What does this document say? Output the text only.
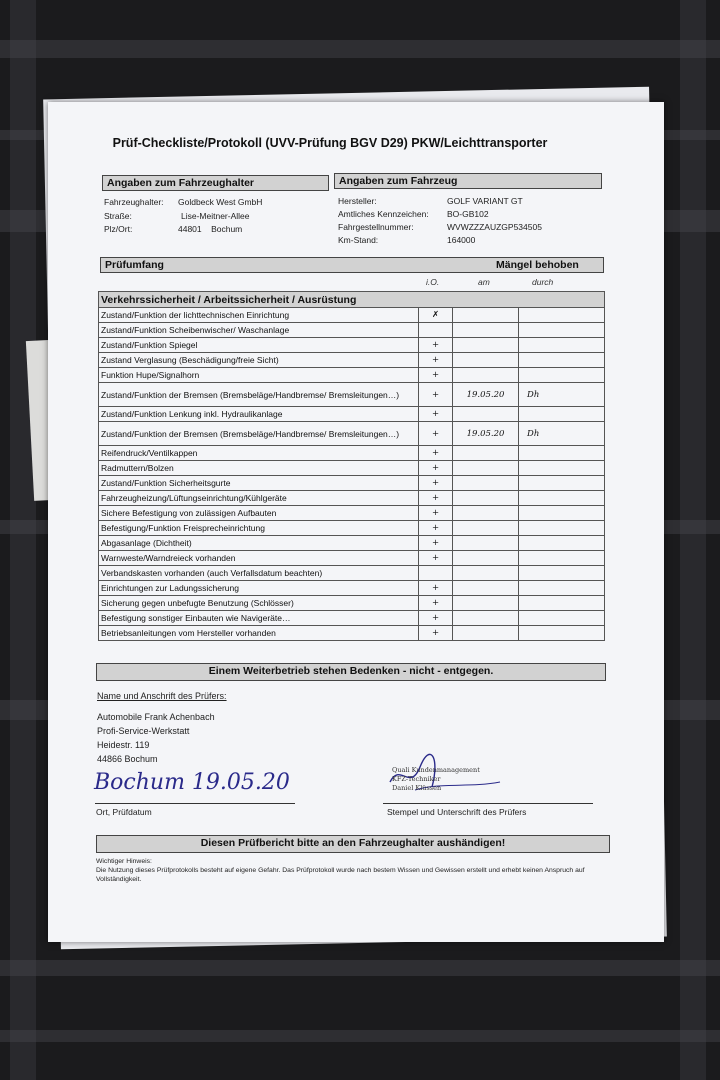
Prüf-Checkliste/Protokoll (UVV-Prüfung BGV D29) PKW/Leichttransporter
Angaben zum Fahrzeughalter	Angaben zum Fahrzeug
Fahrzeughalter: Goldbeck West GmbH
Straße:	Lise-Meitner-Allee
Plz/Ort:	44801    Bochum
Hersteller:	GOLF VARIANT GT
Amtliches Kennzeichen: BO-GB102
Fahrgestellnummer:	WVWZZZAUZGP534505
Km-Stand:	164000
Prüfumfang	Mängel behoben
i.O.	am	durch
Verkehrssicherheit / Arbeitssicherheit / Ausrüstung			
Zustand/Funktion der lichttechnischen Einrichtung	✗		
Zustand/Funktion Scheibenwischer/ Waschanlage			
Zustand/Funktion Spiegel	+		
Zustand Verglasung (Beschädigung/freie Sicht)	+		
Funktion Hupe/Signalhorn	+		
Zustand/Funktion der Bremsen (Bremsbeläge/Handbremse/ Bremsleitungen…)	+	19.05.20	Dh
Zustand/Funktion Lenkung inkl. Hydraulikanlage	+		
Zustand/Funktion der Bremsen (Bremsbeläge/Handbremse/ Bremsleitungen…)	+	19.05.20	Dh
Reifendruck/Ventilkappen	+		
Radmuttern/Bolzen	+		
Zustand/Funktion Sicherheitsgurte	+		
Fahrzeugheizung/Lüftungseinrichtung/Kühlgeräte	+		
Sichere Befestigung von zulässigen Aufbauten	+		
Befestigung/Funktion Freisprecheinrichtung	+		
Abgasanlage (Dichtheit)	+		
Warnweste/Warndreieck vorhanden	+		
Verbandskasten vorhanden (auch Verfallsdatum beachten)			
Einrichtungen zur Ladungssicherung	+		
Sicherung gegen unbefugte Benutzung (Schlösser)	+		
Befestigung sonstiger Einbauten wie Navigeräte…	+		
Betriebsanleitungen vom Hersteller vorhanden	+		
Einem Weiterbetrieb stehen Bedenken - nicht - entgegen.
Name und Anschrift des Prüfers:
Automobile Frank Achenbach
Profi-Service-Werkstatt
Heidestr. 119
44866 Bochum
Bochum 19.05.20
Ort, Prüfdatum
Quali Kundenmanagement
KFZ-Techniker
Daniel Klüssen
Stempel und Unterschrift des Prüfers
Diesen Prüfbericht bitte an den Fahrzeughalter aushändigen!
Wichtiger Hinweis:
Die Nutzung dieses Prüfprotokolls besteht auf eigene Gefahr. Das Prüfprotokoll wurde nach bestem Wissen und Gewissen erstellt und erhebt keinen Anspruch auf Vollständigkeit.
